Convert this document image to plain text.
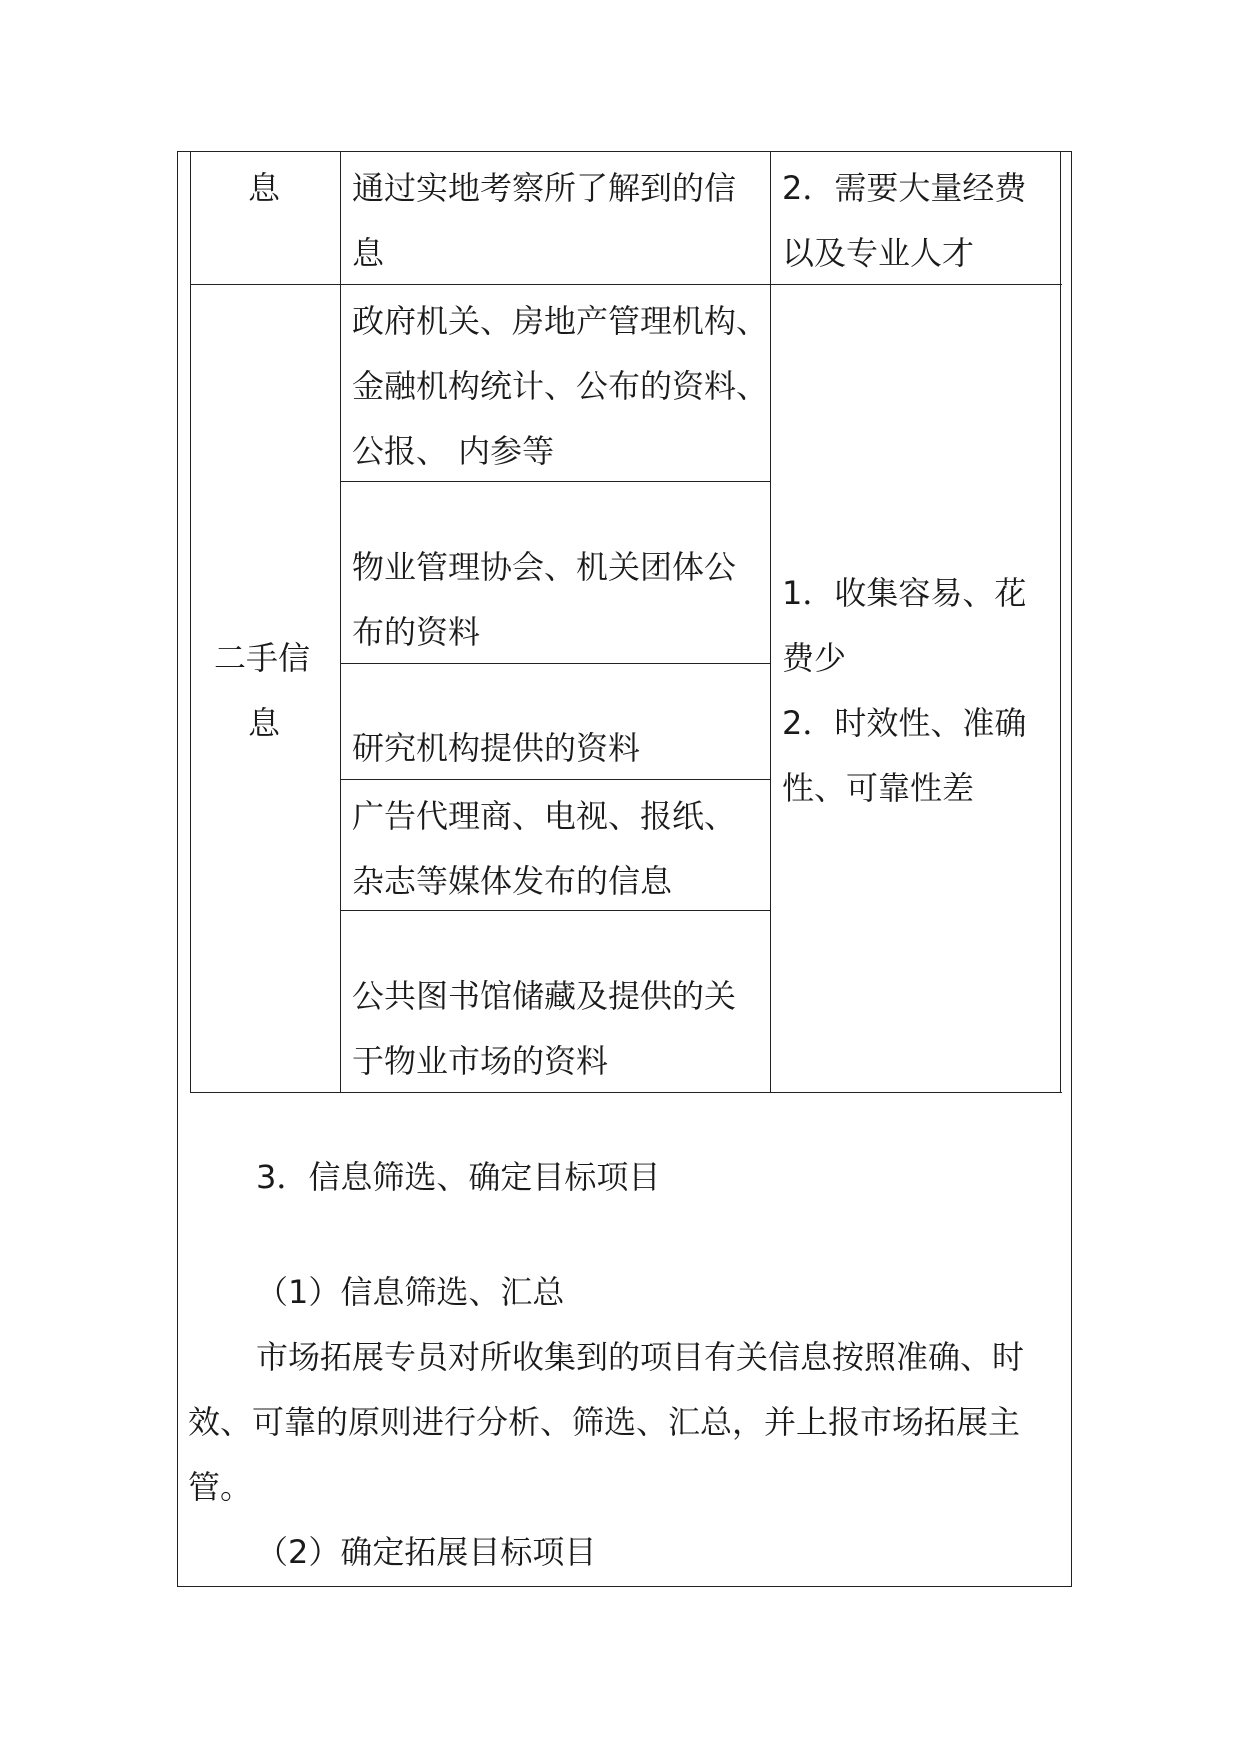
息 通过实地考察所了解到的信
息
2．需要大量经费
以及专业人才
二手信
息
政府机关、房地产管理机构、
金融机构统计、公布的资料、
公报、 内参等
物业管理协会、机关团体公
布的资料
研究机构提供的资料
广告代理商、电视、报纸、
杂志等媒体发布的信息
公共图书馆储藏及提供的关
于物业市场的资料
1．收集容易、花
费少
2．时效性、准确
性、可靠性差
3．信息筛选、确定目标项目
（1）信息筛选、汇总
市场拓展专员对所收集到的项目有关信息按照准确、时
效、可靠的原则进行分析、筛选、汇总，并上报市场拓展主
管。
（2）确定拓展目标项目
